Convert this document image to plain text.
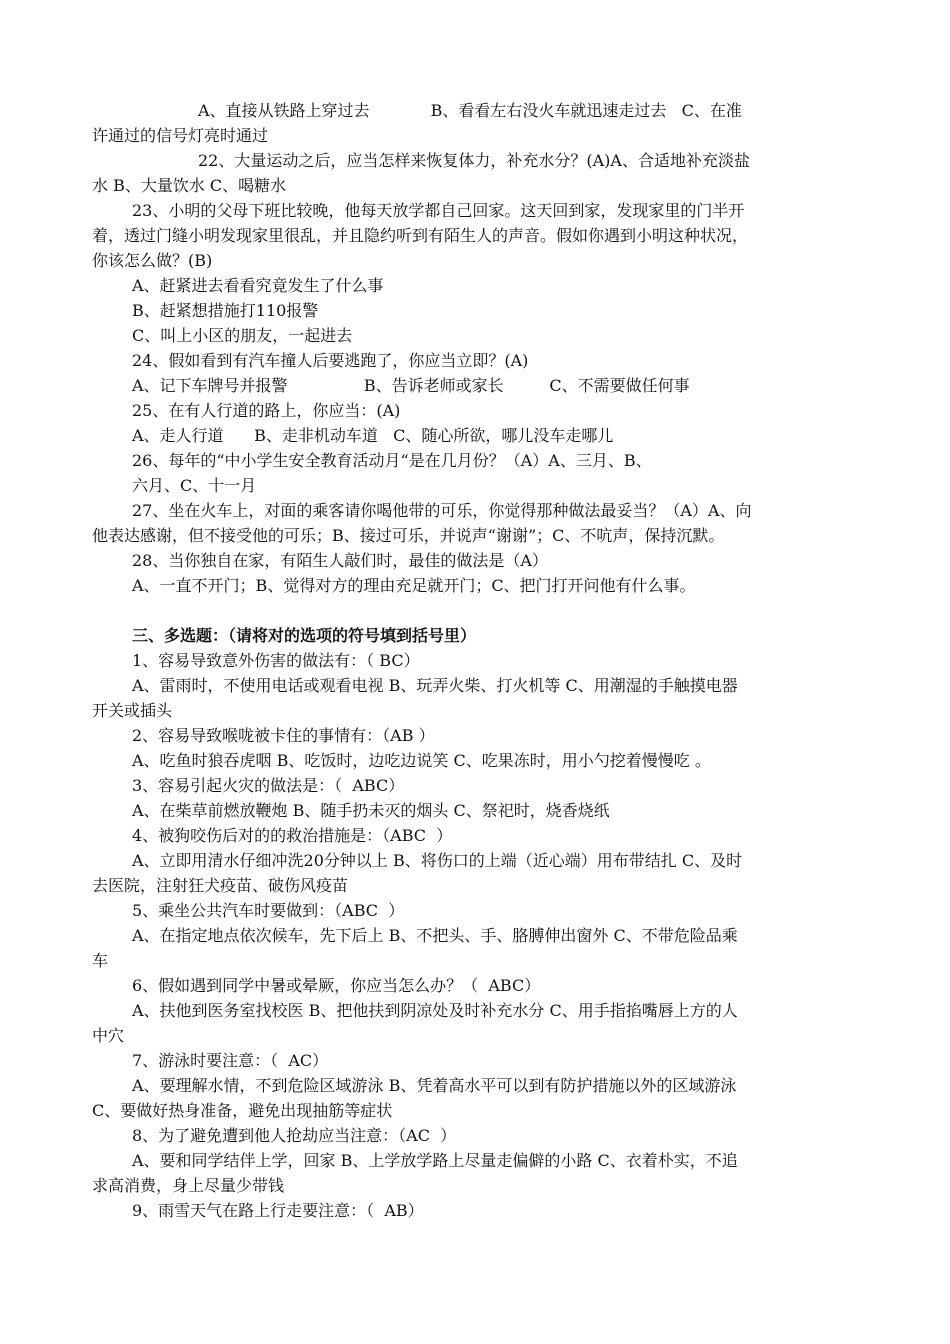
A、直接从铁路上穿过去            B、看看左右没火车就迅速走过去   C、在准
许通过的信号灯亮时通过
22、大量运动之后，应当怎样来恢复体力，补充水分？(A)A、合适地补充淡盐
水 B、大量饮水 C、喝糖水
23、小明的父母下班比较晚，他每天放学都自己回家。这天回到家，发现家里的门半开
着，透过门缝小明发现家里很乱，并且隐约听到有陌生人的声音。假如你遇到小明这种状况，
你该怎么做？(B)
A、赶紧进去看看究竟发生了什么事
B、赶紧想措施打110报警
C、叫上小区的朋友，一起进去
24、假如看到有汽车撞人后要逃跑了，你应当立即？(A)
A、记下车牌号并报警               B、告诉老师或家长         C、不需要做任何事
25、在有人行道的路上，你应当：(A)
A、走人行道      B、走非机动车道   C、随心所欲，哪儿没车走哪儿
26、每年的“中小学生安全教育活动月“是在几月份？（A）A、三月、B、
六月、C、十一月
27、坐在火车上，对面的乘客请你喝他带的可乐，你觉得那种做法最妥当？（A）A、向
他表达感谢，但不接受他的可乐；B、接过可乐，并说声“谢谢”；C、不吭声，保持沉默。
28、当你独自在家，有陌生人敲们时，最佳的做法是（A）
A、一直不开门；B、觉得对方的理由充足就开门；C、把门打开问他有什么事。
三、多选题：（请将对的选项的符号填到括号里）
1、容易导致意外伤害的做法有：（ BC）
A、雷雨时，不使用电话或观看电视 B、玩弄火柴、打火机等 C、用潮湿的手触摸电器
开关或插头
2、容易导致喉咙被卡住的事情有：（AB ）
A、吃鱼时狼吞虎咽 B、吃饭时，边吃边说笑 C、吃果冻时，用小勺挖着慢慢吃 。
3、容易引起火灾的做法是：（  ABC）
A、在柴草前燃放鞭炮 B、随手扔未灭的烟头 C、祭祀时，烧香烧纸
4、被狗咬伤后对的的救治措施是：（ABC  ）
A、立即用清水仔细冲洗20分钟以上 B、将伤口的上端（近心端）用布带结扎 C、及时
去医院，注射狂犬疫苗、破伤风疫苗
5、乘坐公共汽车时要做到：（ABC  ）
A、在指定地点依次候车，先下后上 B、不把头、手、胳膊伸出窗外 C、不带危险品乘
车
6、假如遇到同学中暑或晕厥，你应当怎么办？（  ABC）
A、扶他到医务室找校医 B、把他扶到阴凉处及时补充水分 C、用手指掐嘴唇上方的人
中穴
7、游泳时要注意：（  AC）
A、要理解水情，不到危险区域游泳 B、凭着高水平可以到有防护措施以外的区域游泳
C、要做好热身准备，避免出现抽筋等症状
8、为了避免遭到他人抢劫应当注意：（AC  ）
A、要和同学结伴上学，回家 B、上学放学路上尽量走偏僻的小路 C、衣着朴实，不追
求高消费，身上尽量少带钱
9、雨雪天气在路上行走要注意：（  AB）
